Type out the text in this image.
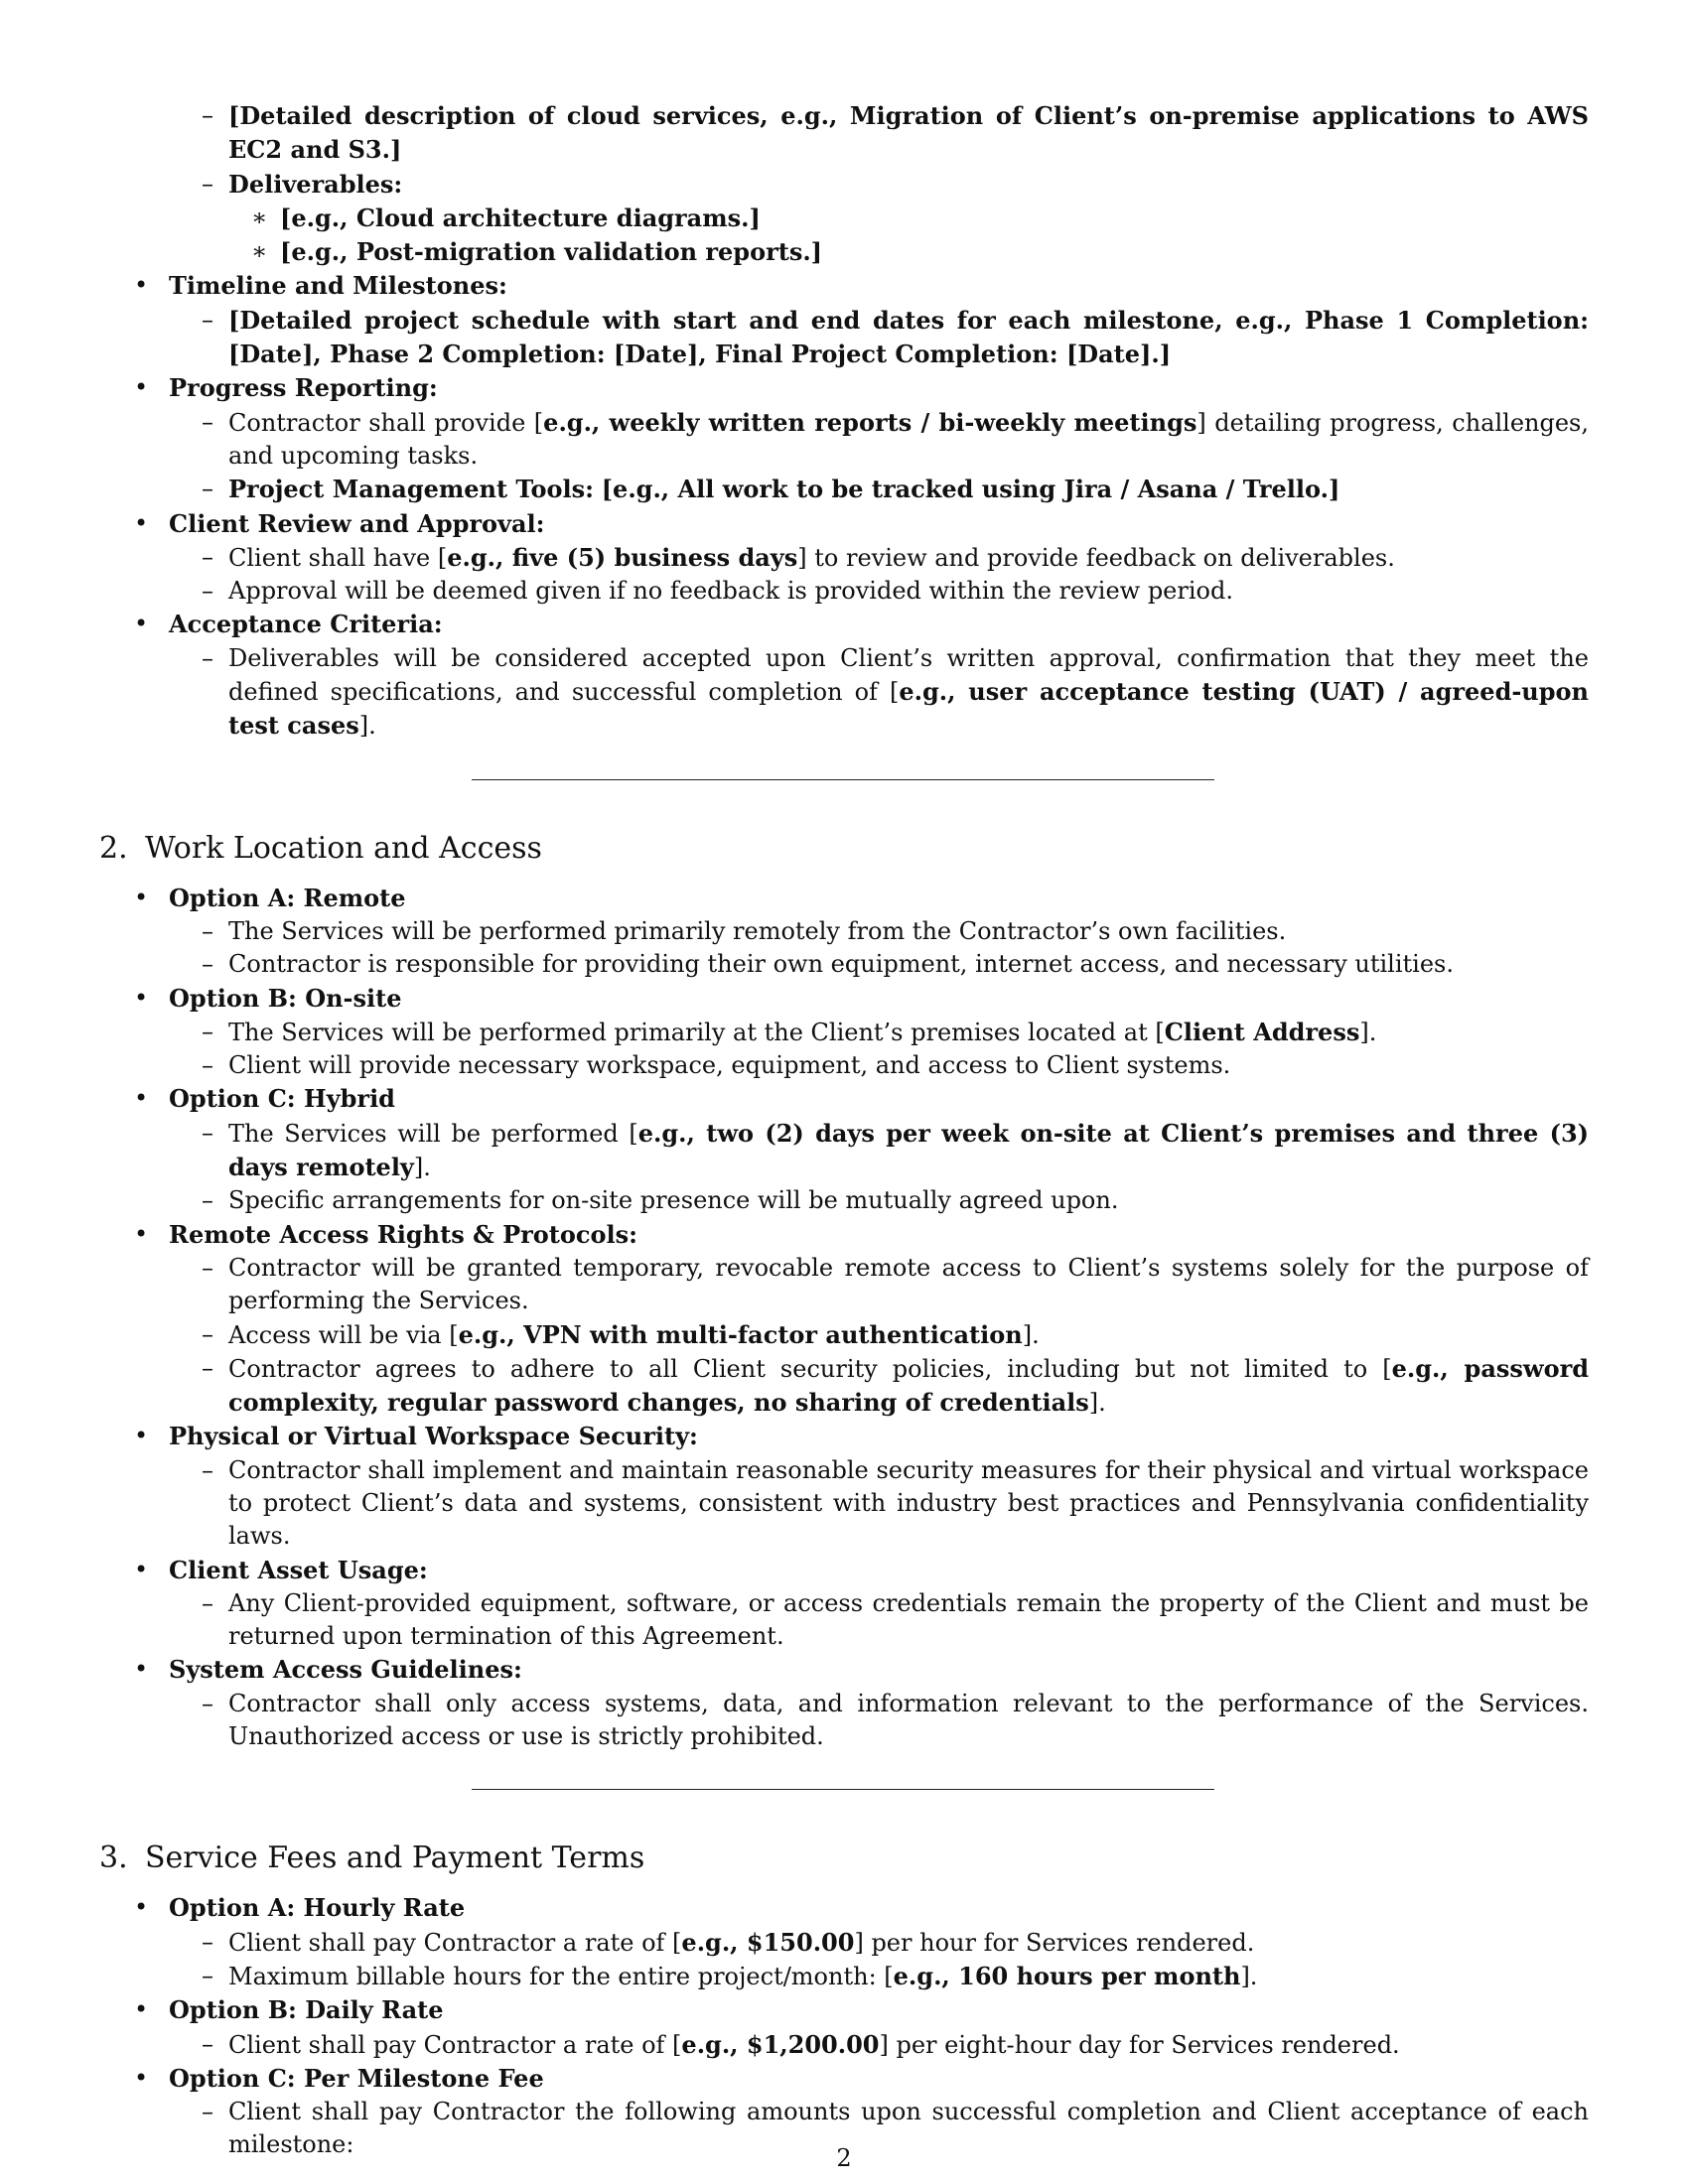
– [Detailed description of cloud services, e.g., Migration of Client’s on-premise applications to AWS EC2 and S3.]
– Deliverables:
∗ [e.g., Cloud architecture diagrams.]
∗ [e.g., Post-migration validation reports.]
• Timeline and Milestones:
– [Detailed project schedule with start and end dates for each milestone, e.g., Phase 1 Completion: [Date], Phase 2 Completion: [Date], Final Project Completion: [Date].]
• Progress Reporting:
– Contractor shall provide [e.g., weekly written reports / bi-weekly meetings] detailing progress, challenges, and upcoming tasks.
– Project Management Tools: [e.g., All work to be tracked using Jira / Asana / Trello.]
• Client Review and Approval:
– Client shall have [e.g., five (5) business days] to review and provide feedback on deliverables.
– Approval will be deemed given if no feedback is provided within the review period.
• Acceptance Criteria:
– Deliverables will be considered accepted upon Client’s written approval, confirmation that they meet the defined specifications, and successful completion of [e.g., user acceptance testing (UAT) / agreed-upon test cases].
2. Work Location and Access
• Option A: Remote
– The Services will be performed primarily remotely from the Contractor’s own facilities.
– Contractor is responsible for providing their own equipment, internet access, and necessary utilities.
• Option B: On-site
– The Services will be performed primarily at the Client’s premises located at [Client Address].
– Client will provide necessary workspace, equipment, and access to Client systems.
• Option C: Hybrid
– The Services will be performed [e.g., two (2) days per week on-site at Client’s premises and three (3) days remotely].
– Specific arrangements for on-site presence will be mutually agreed upon.
• Remote Access Rights & Protocols:
– Contractor will be granted temporary, revocable remote access to Client’s systems solely for the purpose of performing the Services.
– Access will be via [e.g., VPN with multi-factor authentication].
– Contractor agrees to adhere to all Client security policies, including but not limited to [e.g., password complexity, regular password changes, no sharing of credentials].
• Physical or Virtual Workspace Security:
– Contractor shall implement and maintain reasonable security measures for their physical and virtual workspace to protect Client’s data and systems, consistent with industry best practices and Pennsylvania confidentiality laws.
• Client Asset Usage:
– Any Client-provided equipment, software, or access credentials remain the property of the Client and must be returned upon termination of this Agreement.
• System Access Guidelines:
– Contractor shall only access systems, data, and information relevant to the performance of the Services. Unauthorized access or use is strictly prohibited.
3. Service Fees and Payment Terms
• Option A: Hourly Rate
– Client shall pay Contractor a rate of [e.g., $150.00] per hour for Services rendered.
– Maximum billable hours for the entire project/month: [e.g., 160 hours per month].
• Option B: Daily Rate
– Client shall pay Contractor a rate of [e.g., $1,200.00] per eight-hour day for Services rendered.
• Option C: Per Milestone Fee
– Client shall pay Contractor the following amounts upon successful completion and Client acceptance of each milestone:	2
